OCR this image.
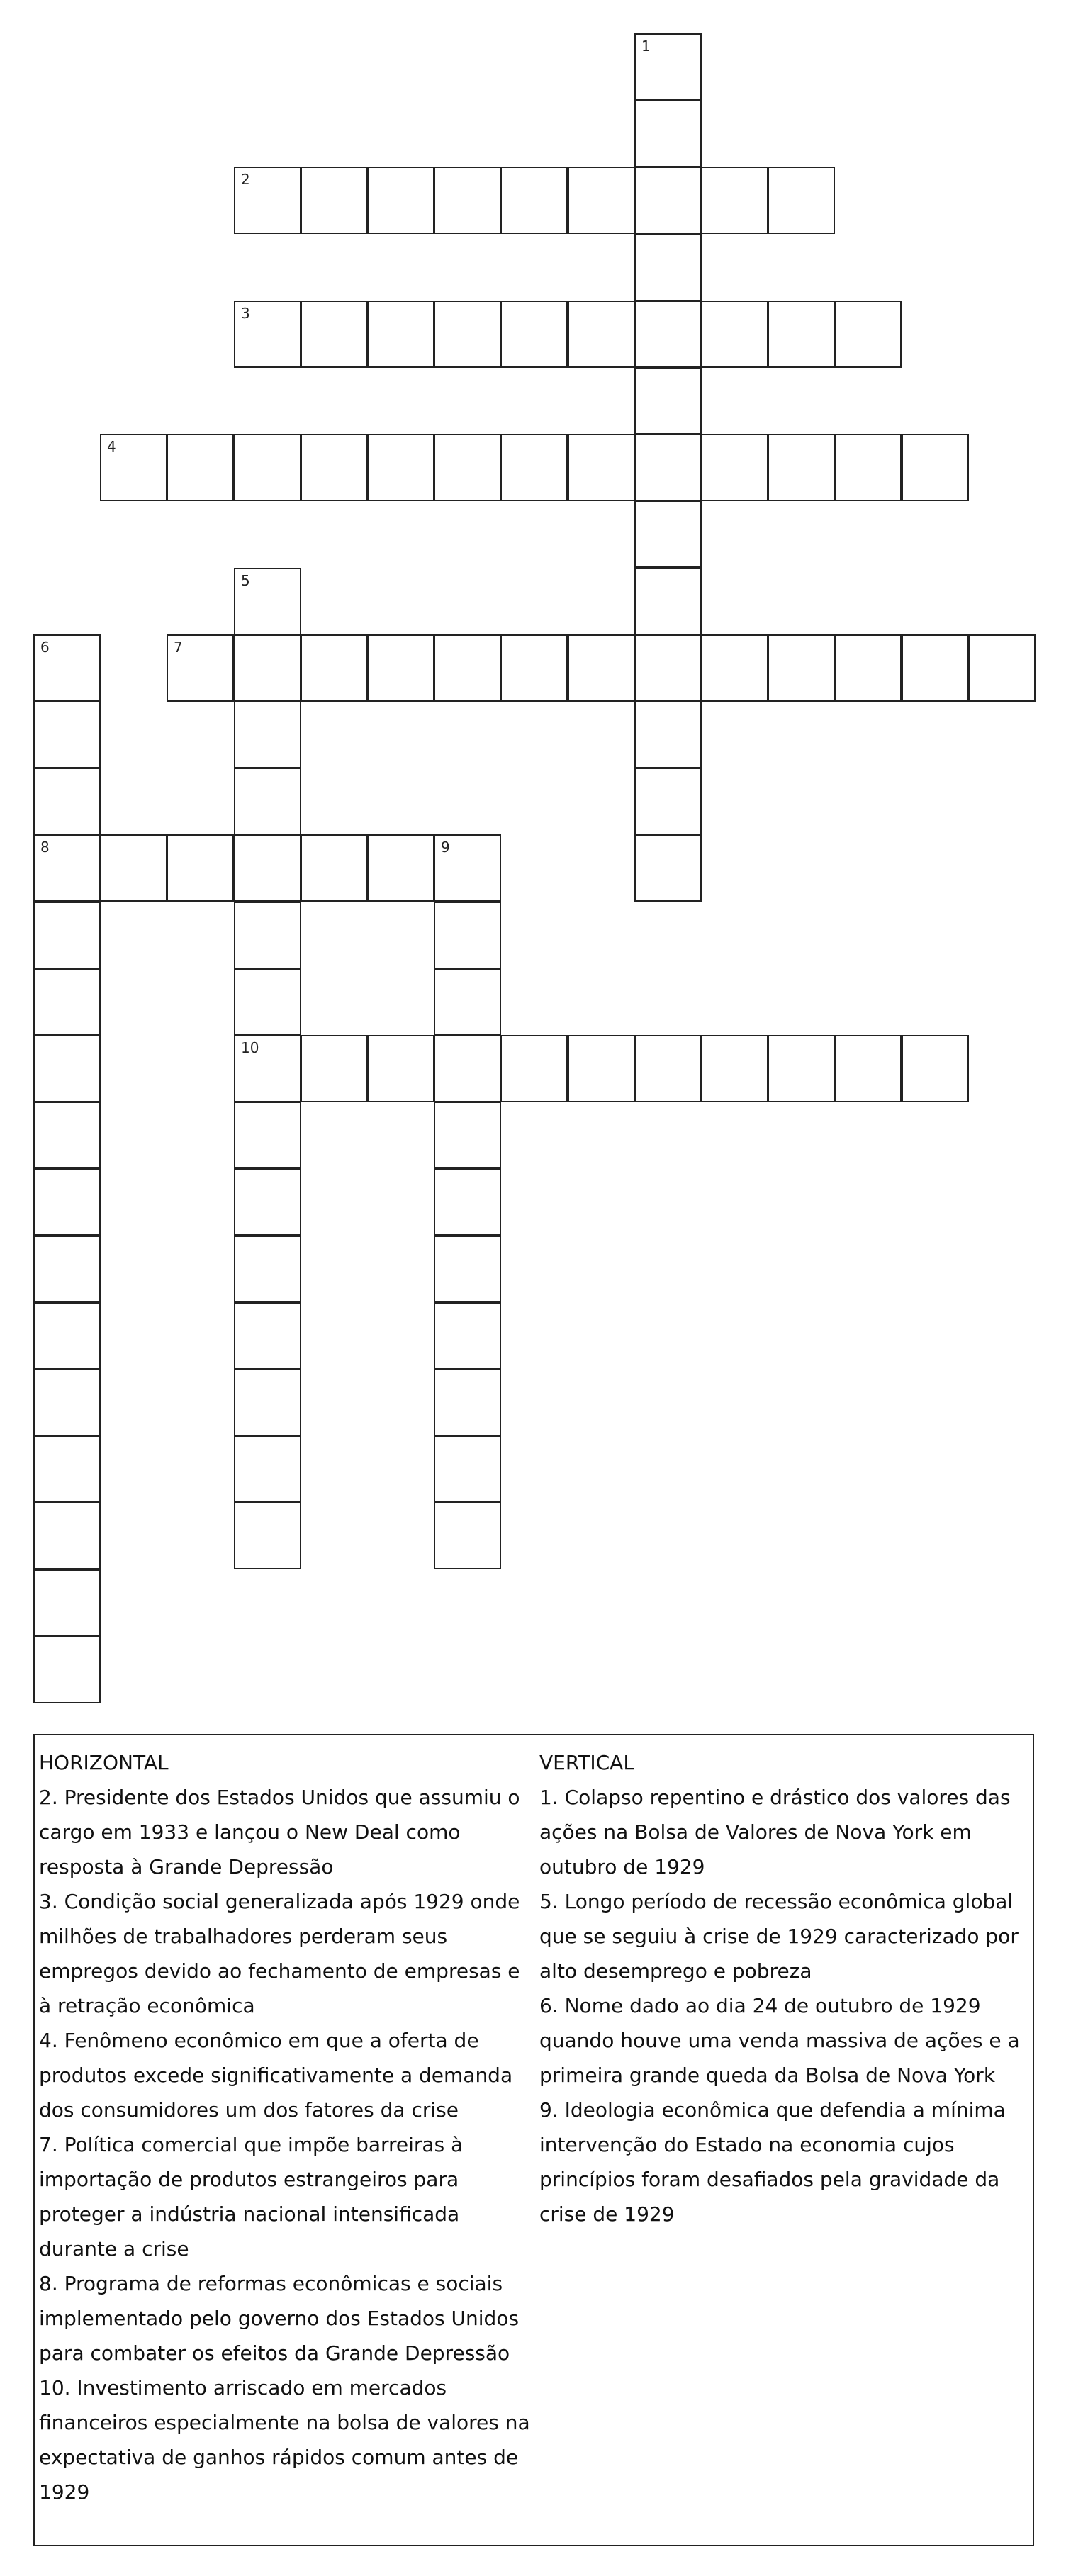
1
2
3
4
5
10
6
8
7
9

HORIZONTAL

2. Presidente dos Estados Unidos que assumiu o cargo em 1933 e lançou o New Deal como resposta à Grande Depressão

3. Condição social generalizada após 1929 onde milhões de trabalhadores perderam seus empregos devido ao fechamento de empresas e à retração econômica

4. Fenômeno econômico em que a oferta de produtos excede significativamente a demanda dos consumidores um dos fatores da crise

7. Política comercial que impõe barreiras à importação de produtos estrangeiros para proteger a indústria nacional intensificada durante a crise

8. Programa de reformas econômicas e sociais implementado pelo governo dos Estados Unidos para combater os efeitos da Grande Depressão

10. Investimento arriscado em mercados financeiros especialmente na bolsa de valores na expectativa de ganhos rápidos comum antes de 1929

VERTICAL

1. Colapso repentino e drástico dos valores das ações na Bolsa de Valores de Nova York em outubro de 1929

5. Longo período de recessão econômica global que se seguiu à crise de 1929 caracterizado por alto desemprego e pobreza

6. Nome dado ao dia 24 de outubro de 1929 quando houve uma venda massiva de ações e a primeira grande queda da Bolsa de Nova York

9. Ideologia econômica que defendia a mínima intervenção do Estado na economia cujos princípios foram desafiados pela gravidade da crise de 1929
